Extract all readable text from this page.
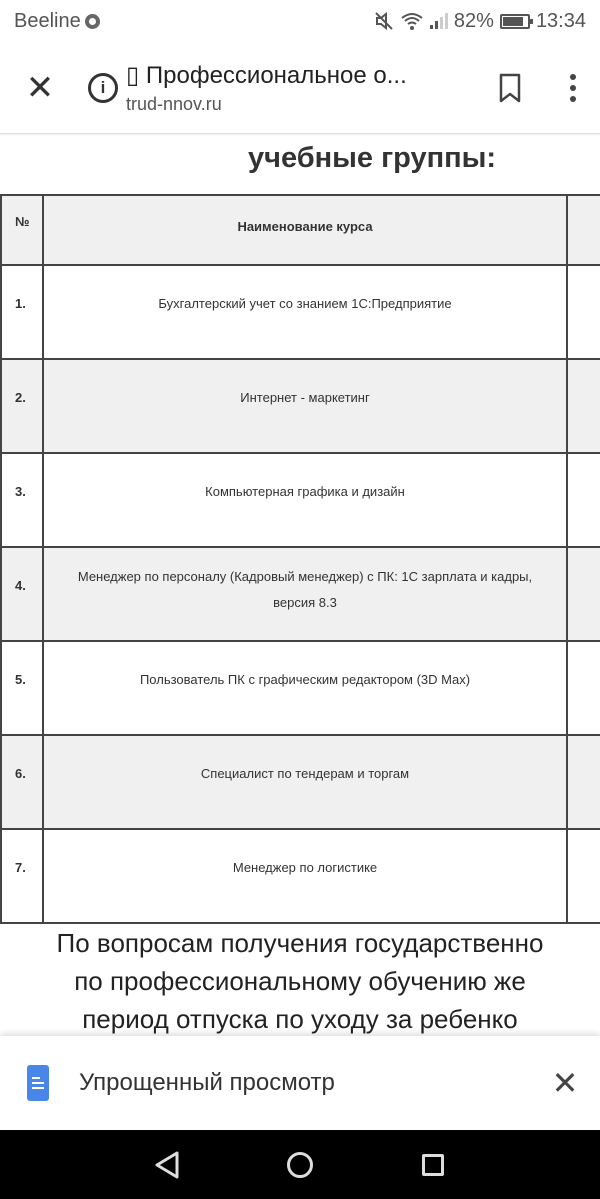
Beeline	82% 13:34
✕	i ▯ Профессиональное о...
trud-nnov.ru
учебные группы:
№	Наименование курса	
1.	Бухгалтерский учет со знанием 1С:Предприятие	
2.	Интернет - маркетинг	
3.	Компьютерная графика и дизайн	
4.	Менеджер по персоналу (Кадровый менеджер) с ПК: 1С зарплата и кадры, версия 8.3	
5.	Пользователь ПК с графическим редактором (3D Max)	
6.	Специалист по тендерам и торгам	
7.	Менеджер по логистике	
По вопросам получения государственно
по профессиональному обучению же
период отпуска по уходу за ребенко
Упрощенный просмотр	✕
